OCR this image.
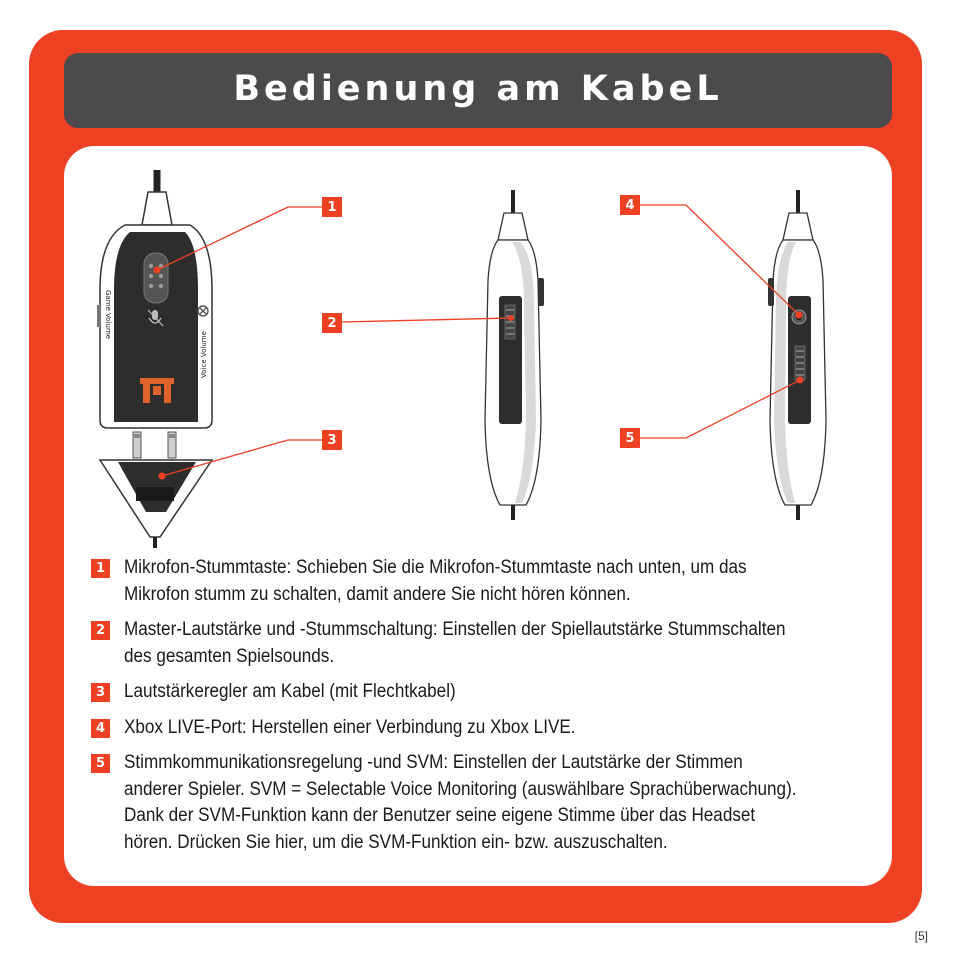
Bedienung am KabeL
Game Volume
Voice Volume
1
2
3
4
5
1 Mikrofon-Stummtaste: Schieben Sie die Mikrofon-Stummtaste nach unten, um das Mikrofon stumm zu schalten, damit andere Sie nicht hören können.
2 Master-Lautstärke und -Stummschaltung: Einstellen der Spiellautstärke Stummschalten des gesamten Spielsounds.
3 Lautstärkeregler am Kabel (mit Flechtkabel)
4 Xbox LIVE-Port: Herstellen einer Verbindung zu Xbox LIVE.
5 Stimmkommunikationsregelung -und SVM: Einstellen der Lautstärke der Stimmen anderer Spieler. SVM = Selectable Voice Monitoring (auswählbare Sprachüberwachung). Dank der SVM-Funktion kann der Benutzer seine eigene Stimme über das Headset hören. Drücken Sie hier, um die SVM-Funktion ein- bzw. auszuschalten.
[5]
